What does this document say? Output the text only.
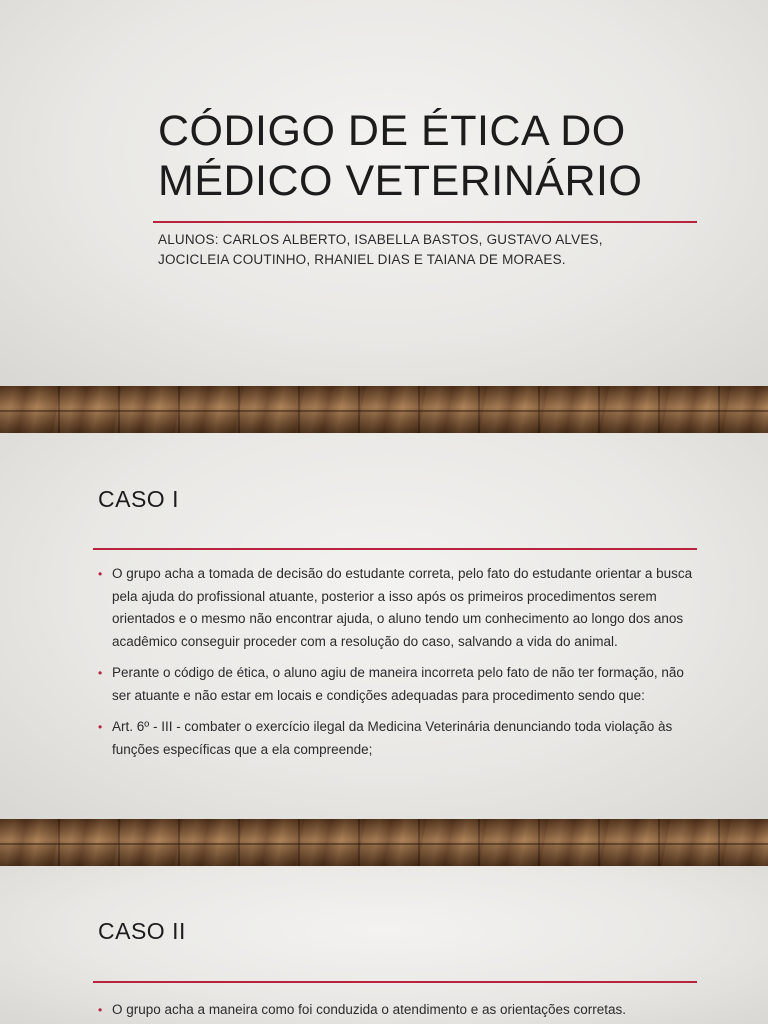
CÓDIGO DE ÉTICA DO
MÉDICO VETERINÁRIO

ALUNOS: CARLOS ALBERTO, ISABELLA BASTOS, GUSTAVO ALVES, JOCICLEIA COUTINHO, RHANIEL DIAS E TAIANA DE MORAES.

CASO I
• O grupo acha a tomada de decisão do estudante correta, pelo fato do estudante orientar a busca pela ajuda do profissional atuante, posterior a isso após os primeiros procedimentos serem orientados e o mesmo não encontrar ajuda, o aluno tendo um conhecimento ao longo dos anos acadêmico conseguir proceder com a resolução do caso, salvando a vida do animal.
• Perante o código de ética, o aluno agiu de maneira incorreta pelo fato de não ter formação, não ser atuante e não estar em locais e condições adequadas para procedimento sendo que:
• Art. 6º - III - combater o exercício ilegal da Medicina Veterinária denunciando toda violação às funções específicas que a ela compreende;
CASO II
• O grupo acha a maneira como foi conduzida o atendimento e as orientações corretas.
